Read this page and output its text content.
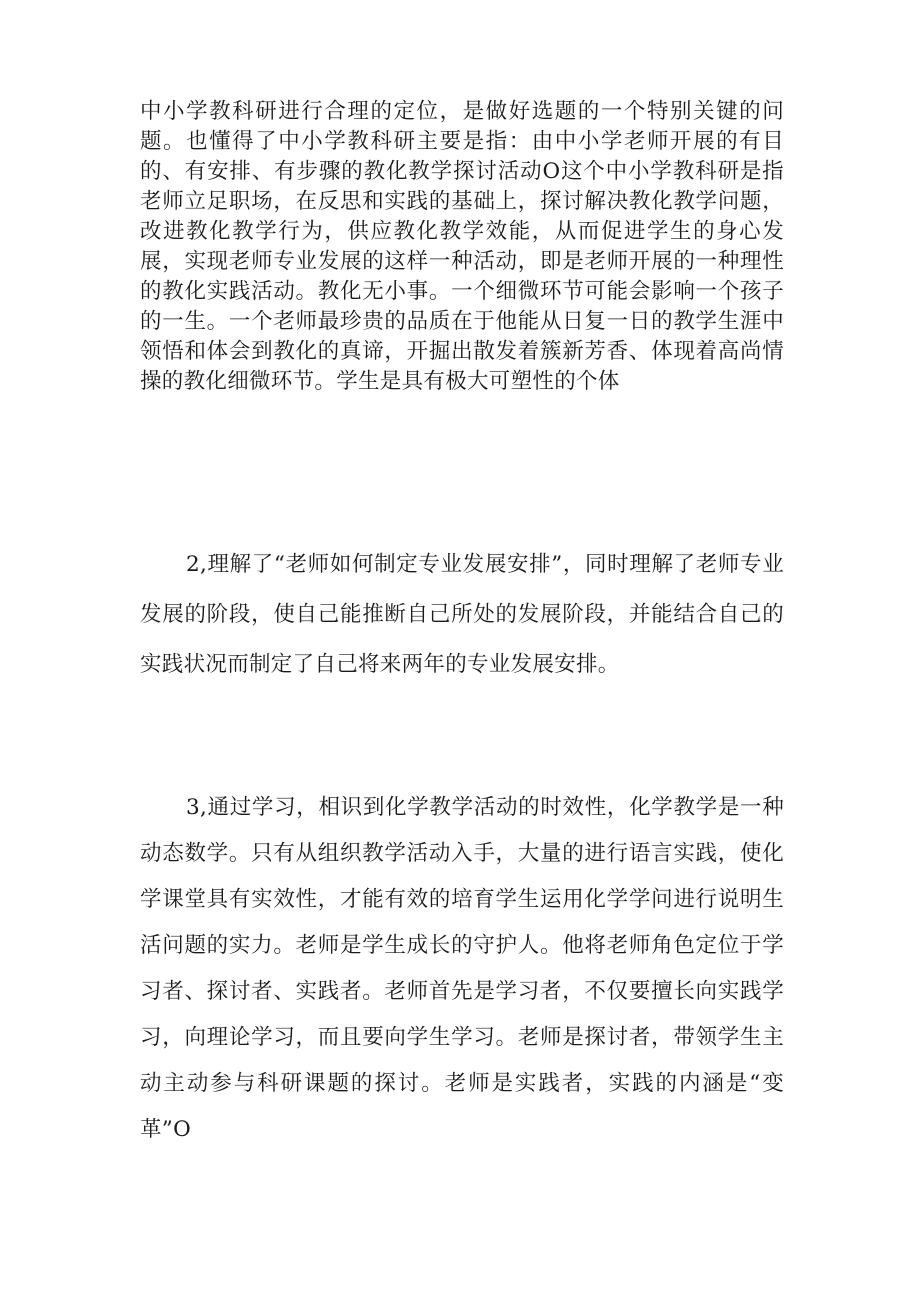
中小学教科研进行合理的定位，是做好选题的一个特别关键的问题。也懂得了中小学教科研主要是指：由中小学老师开展的有目的、有安排、有步骤的教化教学探讨活动O这个中小学教科研是指老师立足职场，在反思和实践的基础上，探讨解决教化教学问题，改进教化教学行为，供应教化教学效能，从而促进学生的身心发展，实现老师专业发展的这样一种活动，即是老师开展的一种理性的教化实践活动。教化无小事。一个细微环节可能会影响一个孩子的一生。一个老师最珍贵的品质在于他能从日复一日的教学生涯中领悟和体会到教化的真谛，开掘出散发着簇新芳香、体现着高尚情操的教化细微环节。学生是具有极大可塑性的个体

2,理解了“老师如何制定专业发展安排”，同时理解了老师专业发展的阶段，使自己能推断自己所处的发展阶段，并能结合自己的实践状况而制定了自己将来两年的专业发展安排。

3,通过学习，相识到化学教学活动的时效性，化学教学是一种动态数学。只有从组织教学活动入手，大量的进行语言实践，使化学课堂具有实效性，才能有效的培育学生运用化学学问进行说明生活问题的实力。老师是学生成长的守护人。他将老师角色定位于学习者、探讨者、实践者。老师首先是学习者，不仅要擅长向实践学习，向理论学习，而且要向学生学习。老师是探讨者，带领学生主动主动参与科研课题的探讨。老师是实践者，实践的内涵是“变革”O
